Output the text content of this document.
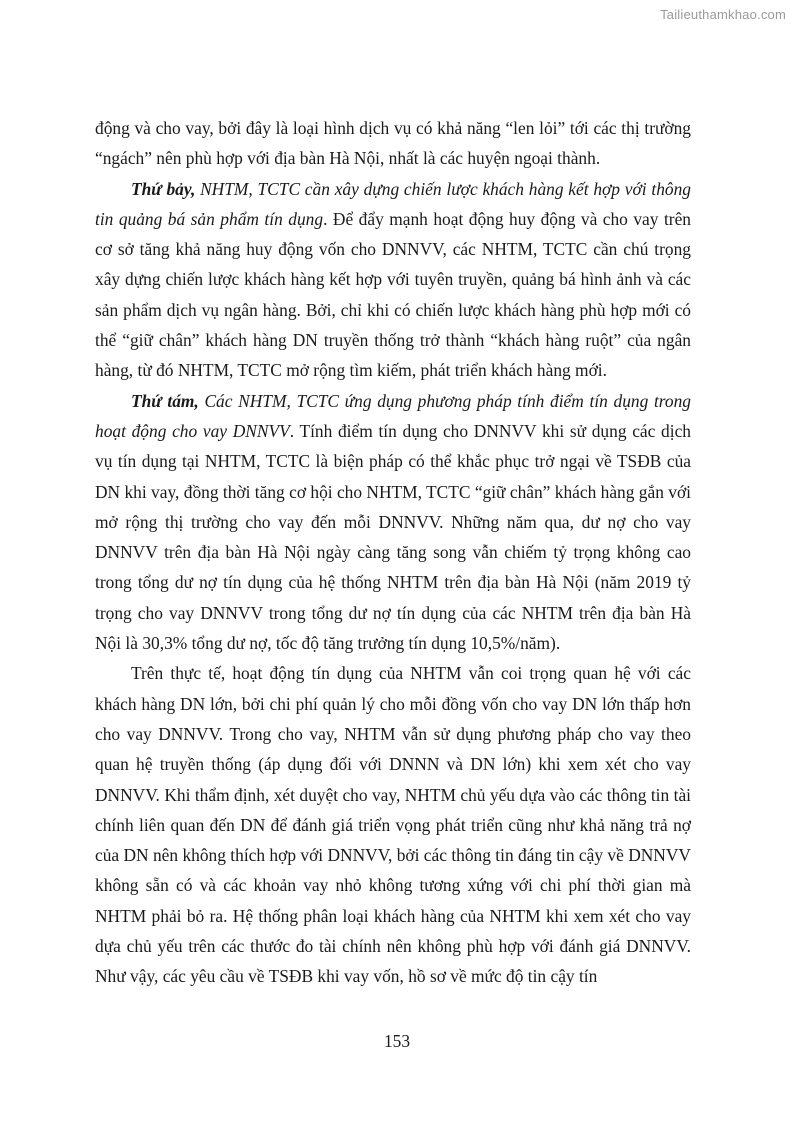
Tailieuthamkhao.com

động và cho vay, bởi đây là loại hình dịch vụ có khả năng “len lỏi” tới các thị trường “ngách” nên phù hợp với địa bàn Hà Nội, nhất là các huyện ngoại thành.

Thứ bảy, NHTM, TCTC cần xây dựng chiến lược khách hàng kết hợp với thông tin quảng bá sản phẩm tín dụng. Để đẩy mạnh hoạt động huy động và cho vay trên cơ sở tăng khả năng huy động vốn cho DNNVV, các NHTM, TCTC cần chú trọng xây dựng chiến lược khách hàng kết hợp với tuyên truyền, quảng bá hình ảnh và các sản phẩm dịch vụ ngân hàng. Bởi, chỉ khi có chiến lược khách hàng phù hợp mới có thể “giữ chân” khách hàng DN truyền thống trở thành “khách hàng ruột” của ngân hàng, từ đó NHTM, TCTC mở rộng tìm kiếm, phát triển khách hàng mới.

Thứ tám, Các NHTM, TCTC ứng dụng phương pháp tính điểm tín dụng trong hoạt động cho vay DNNVV. Tính điểm tín dụng cho DNNVV khi sử dụng các dịch vụ tín dụng tại NHTM, TCTC là biện pháp có thể khắc phục trở ngại về TSĐB của DN khi vay, đồng thời tăng cơ hội cho NHTM, TCTC “giữ chân” khách hàng gắn với mở rộng thị trường cho vay đến mỗi DNNVV. Những năm qua, dư nợ cho vay DNNVV trên địa bàn Hà Nội ngày càng tăng song vẫn chiếm tỷ trọng không cao trong tổng dư nợ tín dụng của hệ thống NHTM trên địa bàn Hà Nội (năm 2019 tỷ trọng cho vay DNNVV trong tổng dư nợ tín dụng của các NHTM trên địa bàn Hà Nội là 30,3% tổng dư nợ, tốc độ tăng trưởng tín dụng 10,5%/năm).

Trên thực tế, hoạt động tín dụng của NHTM vẫn coi trọng quan hệ với các khách hàng DN lớn, bởi chi phí quản lý cho mỗi đồng vốn cho vay DN lớn thấp hơn cho vay DNNVV. Trong cho vay, NHTM vẫn sử dụng phương pháp cho vay theo quan hệ truyền thống (áp dụng đối với DNNN và DN lớn) khi xem xét cho vay DNNVV. Khi thẩm định, xét duyệt cho vay, NHTM chủ yếu dựa vào các thông tin tài chính liên quan đến DN để đánh giá triển vọng phát triển cũng như khả năng trả nợ của DN nên không thích hợp với DNNVV, bởi các thông tin đáng tin cậy về DNNVV không sẵn có và các khoản vay nhỏ không tương xứng với chi phí thời gian mà NHTM phải bỏ ra. Hệ thống phân loại khách hàng của NHTM khi xem xét cho vay dựa chủ yếu trên các thước đo tài chính nên không phù hợp với đánh giá DNNVV. Như vậy, các yêu cầu về TSĐB khi vay vốn, hồ sơ về mức độ tin cậy tín

153
